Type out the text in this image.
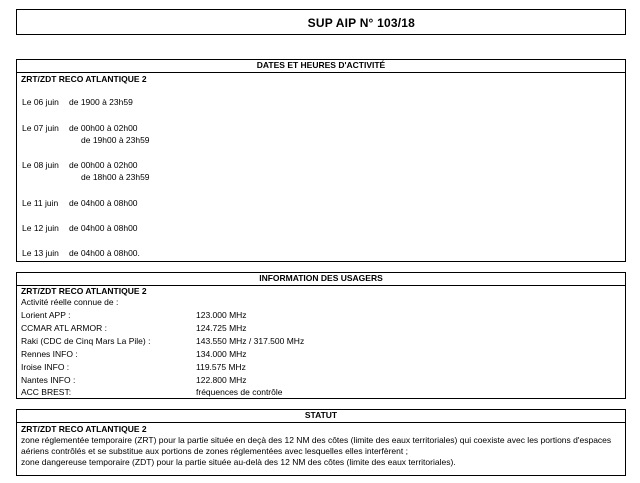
SUP AIP N° 103/18
DATES ET HEURES D'ACTIVITÉ
ZRT/ZDT RECO ATLANTIQUE 2
Le 06 juin de 1900 à 23h59
Le 07 juin de 00h00 à 02h00
de 19h00 à 23h59
Le 08 juin de 00h00 à 02h00
de 18h00 à 23h59
Le 11 juin de 04h00 à 08h00
Le 12 juin de 04h00 à 08h00
Le 13 juin de 04h00 à 08h00.
INFORMATION DES USAGERS
ZRT/ZDT RECO ATLANTIQUE 2
Activité réelle connue de :
Lorient APP :	123.000 MHz
CCMAR ATL ARMOR :	124.725 MHz
Raki (CDC de Cinq Mars La Pile) :	143.550 MHz / 317.500 MHz
Rennes INFO :	134.000 MHz
Iroise INFO :	119.575 MHz
Nantes INFO :	122.800 MHz
ACC BREST:	fréquences de contrôle
STATUT
ZRT/ZDT RECO ATLANTIQUE 2
zone réglementée temporaire (ZRT) pour la partie située en deçà des 12 NM des côtes (limite des eaux territoriales) qui coexiste avec les portions d'espaces aériens contrôlés et se substitue aux portions de zones réglementées avec lesquelles elles interfèrent ;
zone dangereuse temporaire (ZDT) pour la partie située au-delà des 12 NM des côtes (limite des eaux territoriales).
